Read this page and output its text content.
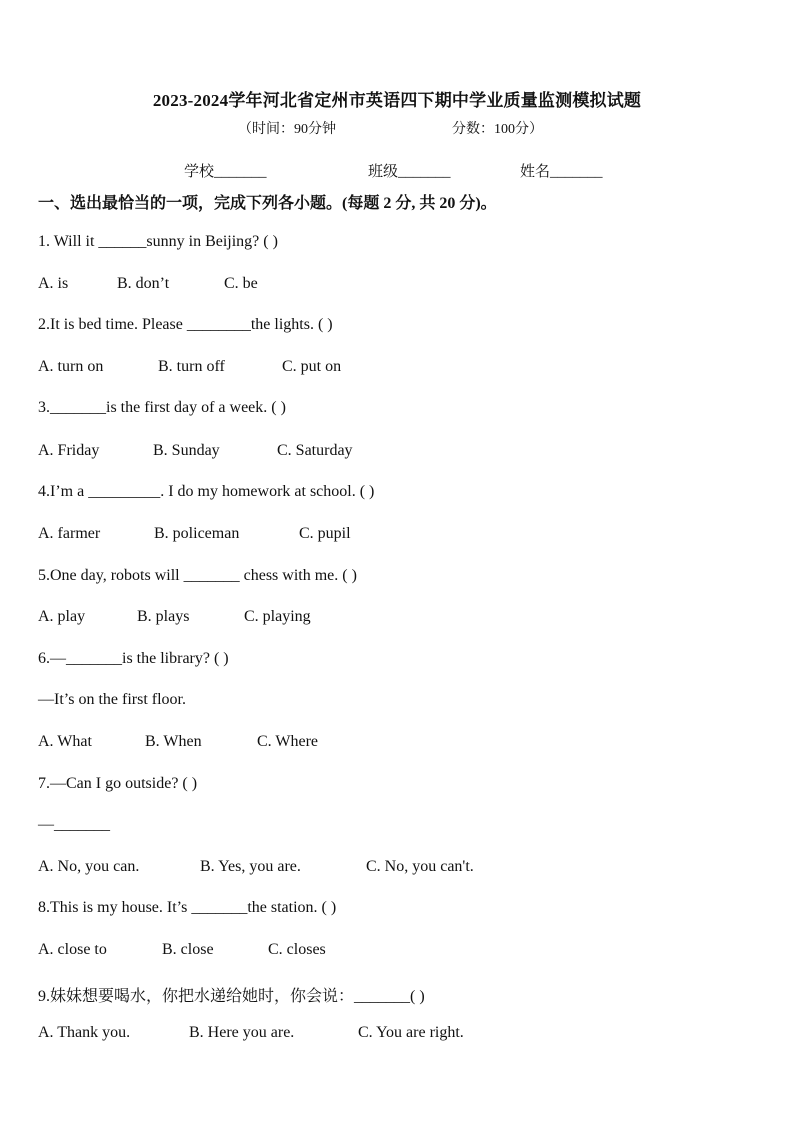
2023-2024学年河北省定州市英语四下期中学业质量监测模拟试题
（时间：90分钟	分数：100分）
学校_______	班级_______	姓名_______
一、选出最恰当的一项，完成下列各小题。(每题 2 分, 共 20 分)。
1. Will it ______sunny in Beijing? ( )
A. is	B. don’t	C. be
2.It is bed time. Please ________the lights. ( )
A. turn on	B. turn off	C. put on
3._______is the first day of a week. ( )
A. Friday	B. Sunday	C. Saturday
4.I’m a _________. I do my homework at school. ( )
A. farmer	B. policeman	C. pupil
5.One day, robots will _______ chess with me. ( )
A. play	B. plays	C. playing
6.—_______is the library? ( )
—It’s on the first floor.
A. What	B. When	C. Where
7.—Can I go outside? ( )
—_______
A. No, you can.	B. Yes, you are.	C. No, you can't.
8.This is my house. It’s _______the station. ( )
A. close to	B. close	C. closes
9.妹妹想要喝水，你把水递给她时，你会说：_______( )
A. Thank you.	B. Here you are.	C. You are right.
